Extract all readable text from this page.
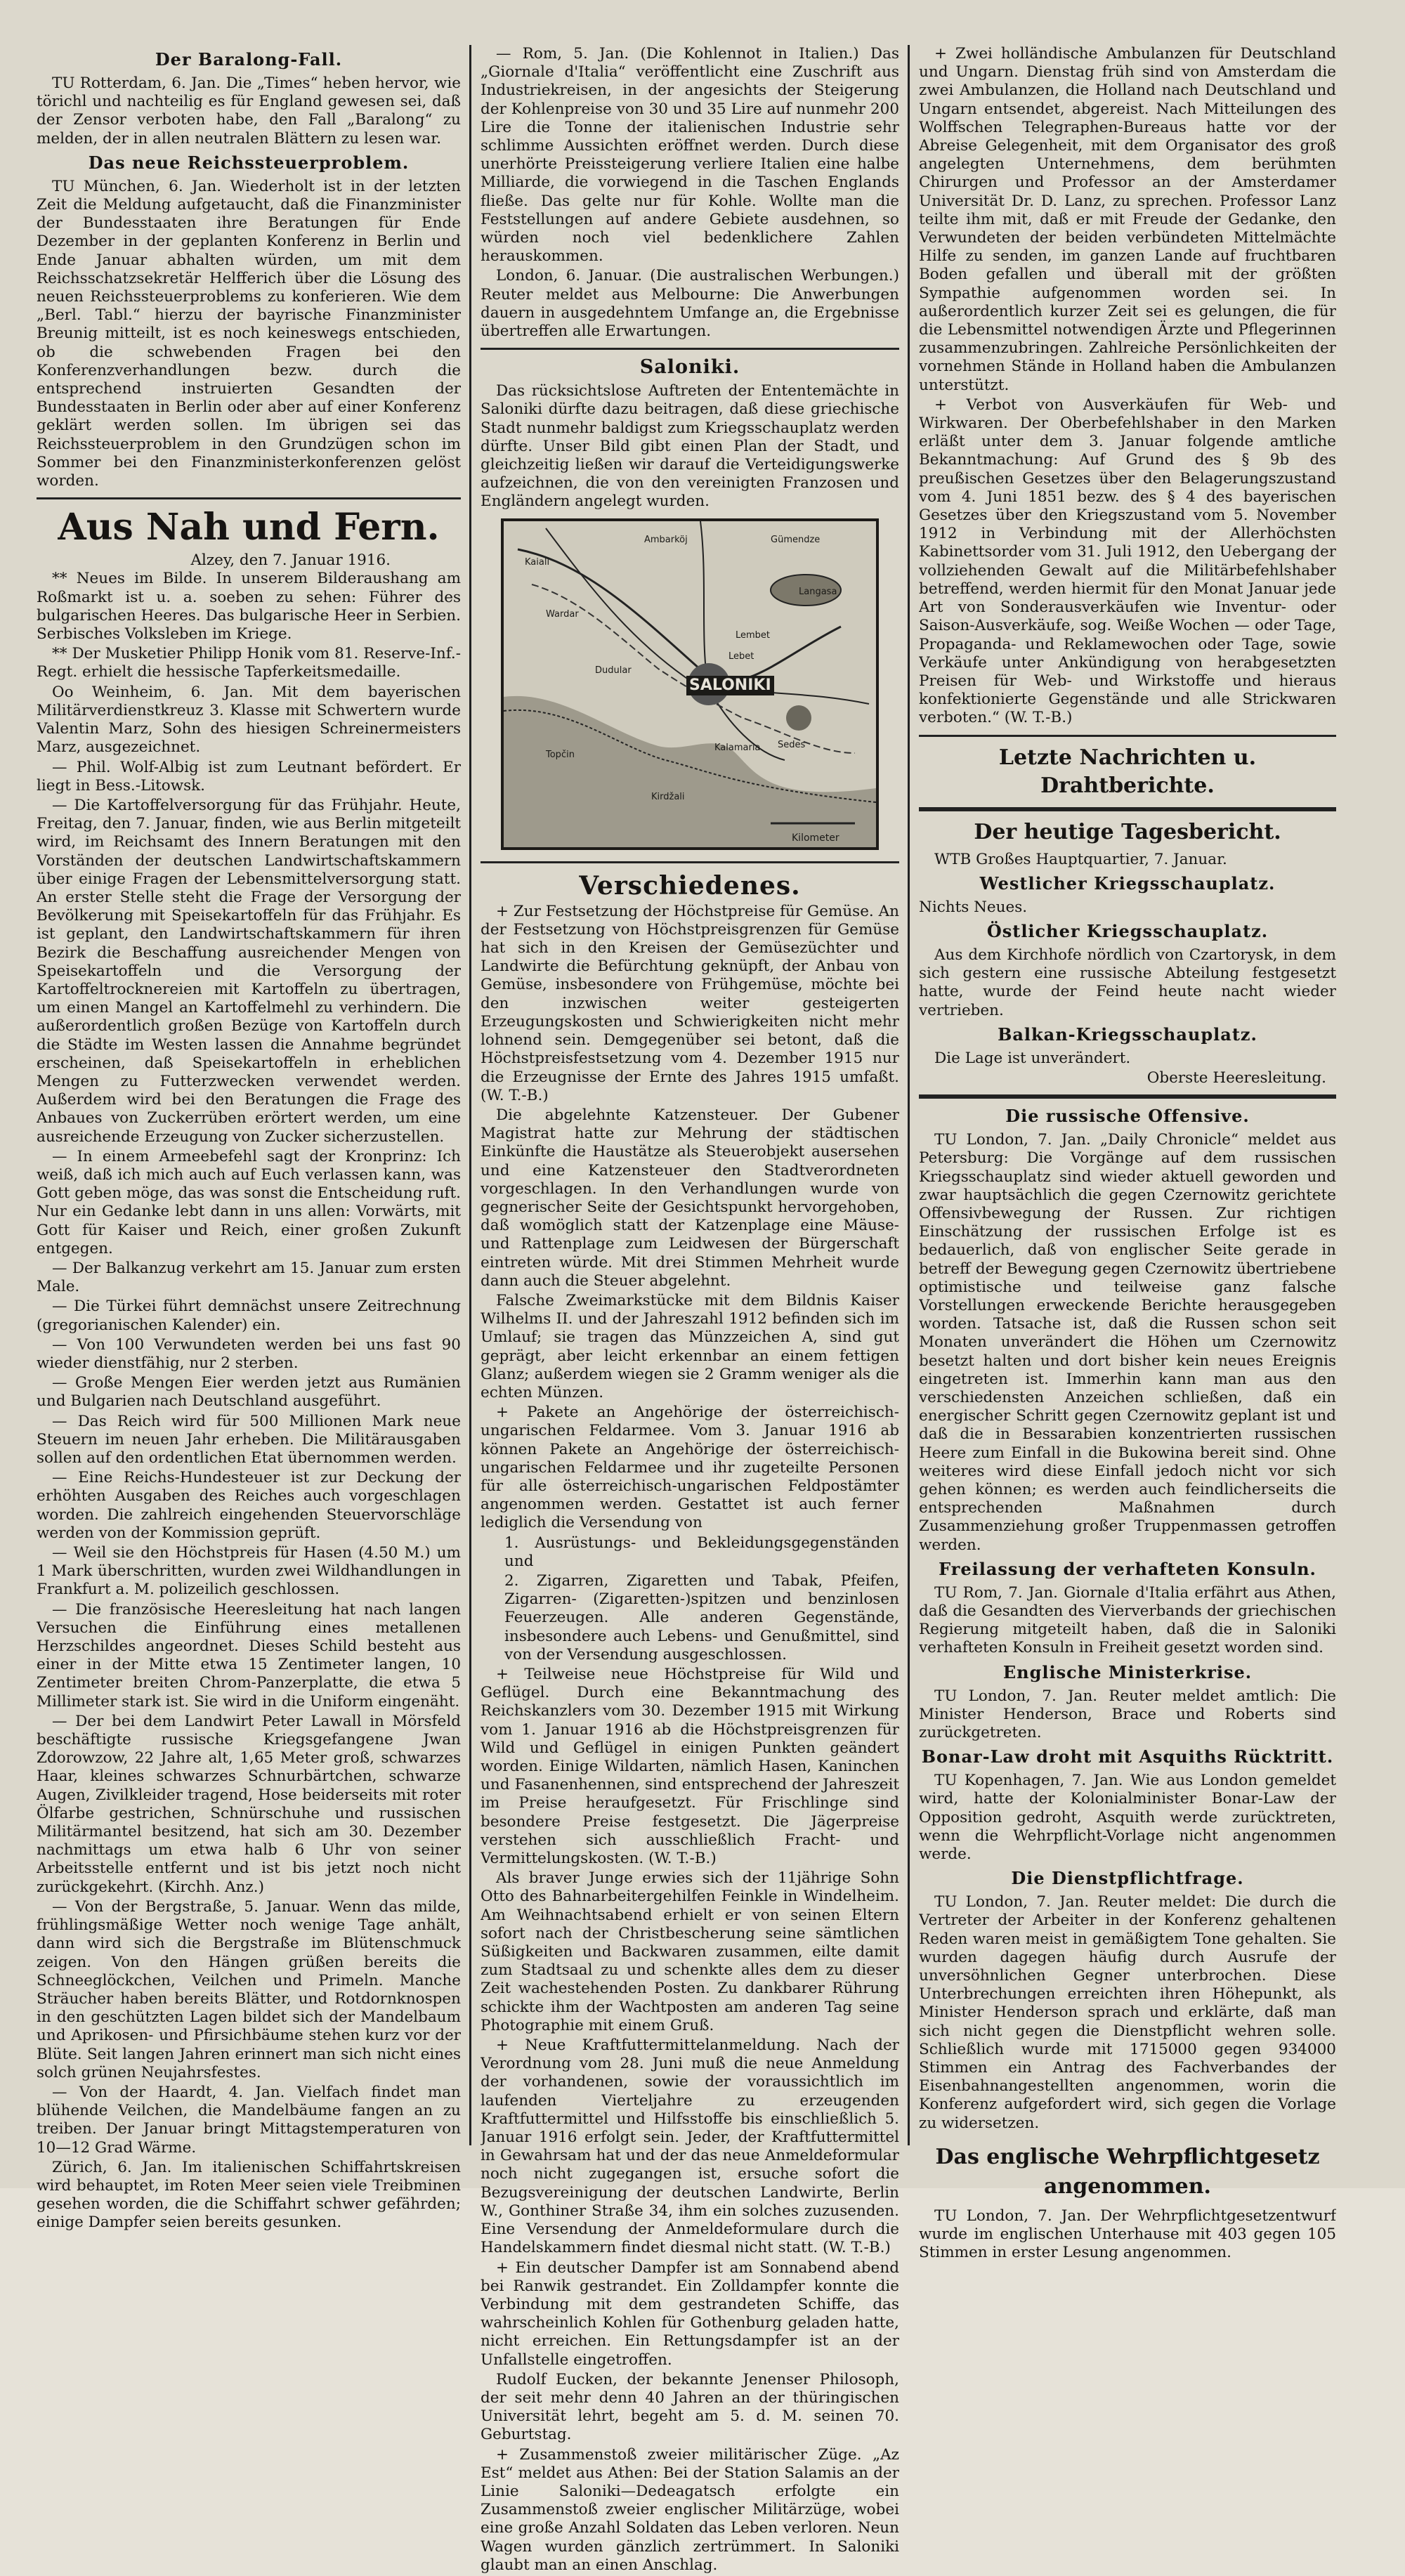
Der Baralong-Fall.

TU Rotterdam, 6. Jan. Die „Times“ heben hervor, wie törichl und nachteilig es für England gewesen sei, daß der Zensor verboten habe, den Fall „Baralong“ zu melden, der in allen neutralen Blättern zu lesen war.

Das neue Reichssteuerproblem.

TU München, 6. Jan. Wiederholt ist in der letzten Zeit die Meldung aufgetaucht, daß die Finanzminister der Bundesstaaten ihre Beratungen für Ende Dezember in der geplanten Konferenz in Berlin und Ende Januar abhalten würden, um mit dem Reichsschatzsekretär Helfferich über die Lösung des neuen Reichssteuerproblems zu konferieren. Wie dem „Berl. Tabl.“ hierzu der bayrische Finanzminister Breunig mitteilt, ist es noch keineswegs entschieden, ob die schwebenden Fragen bei den Konferenzverhandlungen bezw. durch die entsprechend instruierten Gesandten der Bundesstaaten in Berlin oder aber auf einer Konferenz geklärt werden sollen. Im übrigen sei das Reichssteuerproblem in den Grundzügen schon im Sommer bei den Finanzministerkonferenzen gelöst worden.

Aus Nah und Fern.
Alzey, den 7. Januar 1916.

** Neues im Bilde. In unserem Bilderaushang am Roßmarkt ist u. a. soeben zu sehen: Führer des bulgarischen Heeres. Das bulgarische Heer in Serbien. Serbisches Volksleben im Kriege.

** Der Musketier Philipp Honik vom 81. Reserve-Inf.-Regt. erhielt die hessische Tapferkeitsmedaille.

Oo Weinheim, 6. Jan. Mit dem bayerischen Militärverdienstkreuz 3. Klasse mit Schwertern wurde Valentin Marz, Sohn des hiesigen Schreinermeisters Marz, ausgezeichnet.

— Phil. Wolf-Albig ist zum Leutnant befördert. Er liegt in Bess.-Litowsk.

— Die Kartoffelversorgung für das Frühjahr. Heute, Freitag, den 7. Januar, finden, wie aus Berlin mitgeteilt wird, im Reichsamt des Innern Beratungen mit den Vorständen der deutschen Landwirtschaftskammern über einige Fragen der Lebensmittelversorgung statt. An erster Stelle steht die Frage der Versorgung der Bevölkerung mit Speisekartoffeln für das Frühjahr. Es ist geplant, den Landwirtschaftskammern für ihren Bezirk die Beschaffung ausreichender Mengen von Speisekartoffeln und die Versorgung der Kartoffeltrocknereien mit Kartoffeln zu übertragen, um einen Mangel an Kartoffelmehl zu verhindern. Die außerordentlich großen Bezüge von Kartoffeln durch die Städte im Westen lassen die Annahme begründet erscheinen, daß Speisekartoffeln in erheblichen Mengen zu Futterzwecken verwendet werden. Außerdem wird bei den Beratungen die Frage des Anbaues von Zuckerrüben erörtert werden, um eine ausreichende Erzeugung von Zucker sicherzustellen.

— In einem Armeebefehl sagt der Kronprinz: Ich weiß, daß ich mich auch auf Euch verlassen kann, was Gott geben möge, das was sonst die Entscheidung ruft. Nur ein Gedanke lebt dann in uns allen: Vorwärts, mit Gott für Kaiser und Reich, einer großen Zukunft entgegen.

— Der Balkanzug verkehrt am 15. Januar zum ersten Male.

— Die Türkei führt demnächst unsere Zeitrechnung (gregorianischen Kalender) ein.

— Von 100 Verwundeten werden bei uns fast 90 wieder dienstfähig, nur 2 sterben.

— Große Mengen Eier werden jetzt aus Rumänien und Bulgarien nach Deutschland ausgeführt.

— Das Reich wird für 500 Millionen Mark neue Steuern im neuen Jahr erheben. Die Militärausgaben sollen auf den ordentlichen Etat übernommen werden.

— Eine Reichs-Hundesteuer ist zur Deckung der erhöhten Ausgaben des Reiches auch vorgeschlagen worden. Die zahlreich eingehenden Steuervorschläge werden von der Kommission geprüft.

— Weil sie den Höchstpreis für Hasen (4.50 M.) um 1 Mark überschritten, wurden zwei Wildhandlungen in Frankfurt a. M. polizeilich geschlossen.

— Die französische Heeresleitung hat nach langen Versuchen die Einführung eines metallenen Herzschildes angeordnet. Dieses Schild besteht aus einer in der Mitte etwa 15 Zentimeter langen, 10 Zentimeter breiten Chrom-Panzerplatte, die etwa 5 Millimeter stark ist. Sie wird in die Uniform eingenäht.

— Der bei dem Landwirt Peter Lawall in Mörsfeld beschäftigte russische Kriegsgefangene Jwan Zdorowzow, 22 Jahre alt, 1,65 Meter groß, schwarzes Haar, kleines schwarzes Schnurbärtchen, schwarze Augen, Zivilkleider tragend, Hose beiderseits mit roter Ölfarbe gestrichen, Schnürschuhe und russischen Militärmantel besitzend, hat sich am 30. Dezember nachmittags um etwa halb 6 Uhr von seiner Arbeitsstelle entfernt und ist bis jetzt noch nicht zurückgekehrt. (Kirchh. Anz.)

— Von der Bergstraße, 5. Januar. Wenn das milde, frühlingsmäßige Wetter noch wenige Tage anhält, dann wird sich die Bergstraße im Blütenschmuck zeigen. Von den Hängen grüßen bereits die Schneeglöckchen, Veilchen und Primeln. Manche Sträucher haben bereits Blätter, und Rotdornknospen in den geschützten Lagen bildet sich der Mandelbaum und Aprikosen- und Pfirsichbäume stehen kurz vor der Blüte. Seit langen Jahren erinnert man sich nicht eines solch grünen Neujahrsfestes.

— Von der Haardt, 4. Jan. Vielfach findet man blühende Veilchen, die Mandelbäume fangen an zu treiben. Der Januar bringt Mittagstemperaturen von 10—12 Grad Wärme.

Zürich, 6. Jan. Im italienischen Schiffahrtskreisen wird behauptet, im Roten Meer seien viele Treibminen gesehen worden, die die Schiffahrt schwer gefährden; einige Dampfer seien bereits gesunken.

— Rom, 5. Jan. (Die Kohlennot in Italien.) Das „Giornale d'Italia“ veröffentlicht eine Zuschrift aus Industriekreisen, in der angesichts der Steigerung der Kohlenpreise von 30 und 35 Lire auf nunmehr 200 Lire die Tonne der italienischen Industrie sehr schlimme Aussichten eröffnet werden. Durch diese unerhörte Preissteigerung verliere Italien eine halbe Milliarde, die vorwiegend in die Taschen Englands fließe. Das gelte nur für Kohle. Wollte man die Feststellungen auf andere Gebiete ausdehnen, so würden noch viel bedenklichere Zahlen herauskommen.

London, 6. Januar. (Die australischen Werbungen.) Reuter meldet aus Melbourne: Die Anwerbungen dauern in ausgedehntem Umfange an, die Ergebnisse übertreffen alle Erwartungen.

Saloniki.

Das rücksichtslose Auftreten der Ententemächte in Saloniki dürfte dazu beitragen, daß diese griechische Stadt nunmehr baldigst zum Kriegsschauplatz werden dürfte. Unser Bild gibt einen Plan der Stadt, und gleichzeitig ließen wir darauf die Verteidigungswerke aufzeichnen, die von den vereinigten Franzosen und Engländern angelegt wurden.

Ambarköj	Gümendze
Langasa
Wardar
Kaiali
Lembet
Lebet
Dudular
Kalamaria Sedes
Topčin
Kirdžali
Kilometer
SALONIKI
Verschiedenes.

+ Zur Festsetzung der Höchstpreise für Gemüse. An der Festsetzung von Höchstpreisgrenzen für Gemüse hat sich in den Kreisen der Gemüsezüchter und Landwirte die Befürchtung geknüpft, der Anbau von Gemüse, insbesondere von Frühgemüse, möchte bei den inzwischen weiter gesteigerten Erzeugungskosten und Schwierigkeiten nicht mehr lohnend sein. Demgegenüber sei betont, daß die Höchstpreisfestsetzung vom 4. Dezember 1915 nur die Erzeugnisse der Ernte des Jahres 1915 umfaßt. (W. T.-B.)

Die abgelehnte Katzensteuer. Der Gubener Magistrat hatte zur Mehrung der städtischen Einkünfte die Haustätze als Steuerobjekt ausersehen und eine Katzensteuer den Stadtverordneten vorgeschlagen. In den Verhandlungen wurde von gegnerischer Seite der Gesichtspunkt hervorgehoben, daß womöglich statt der Katzenplage eine Mäuse- und Rattenplage zum Leidwesen der Bürgerschaft eintreten würde. Mit drei Stimmen Mehrheit wurde dann auch die Steuer abgelehnt.

Falsche Zweimarkstücke mit dem Bildnis Kaiser Wilhelms II. und der Jahreszahl 1912 befinden sich im Umlauf; sie tragen das Münzzeichen A, sind gut geprägt, aber leicht erkennbar an einem fettigen Glanz; außerdem wiegen sie 2 Gramm weniger als die echten Münzen.

+ Pakete an Angehörige der österreichisch-ungarischen Feldarmee. Vom 3. Januar 1916 ab können Pakete an Angehörige der österreichisch-ungarischen Feldarmee und ihr zugeteilte Personen für alle österreichisch-ungarischen Feldpostämter angenommen werden. Gestattet ist auch ferner lediglich die Versendung von

1. Ausrüstungs- und Bekleidungsgegenständen und

2. Zigarren, Zigaretten und Tabak, Pfeifen, Zigarren- (Zigaretten-)spitzen und benzinlosen Feuerzeugen. Alle anderen Gegenstände, insbesondere auch Lebens- und Genußmittel, sind von der Versendung ausgeschlossen.

+ Teilweise neue Höchstpreise für Wild und Geflügel. Durch eine Bekanntmachung des Reichskanzlers vom 30. Dezember 1915 mit Wirkung vom 1. Januar 1916 ab die Höchstpreisgrenzen für Wild und Geflügel in einigen Punkten geändert worden. Einige Wildarten, nämlich Hasen, Kaninchen und Fasanenhennen, sind entsprechend der Jahreszeit im Preise heraufgesetzt. Für Frischlinge sind besondere Preise festgesetzt. Die Jägerpreise verstehen sich ausschließlich Fracht- und Vermittelungskosten. (W. T.-B.)

Als braver Junge erwies sich der 11jährige Sohn Otto des Bahnarbeitergehilfen Feinkle in Windelheim. Am Weihnachtsabend erhielt er von seinen Eltern sofort nach der Christbescherung seine sämtlichen Süßigkeiten und Backwaren zusammen, eilte damit zum Stadtsaal zu und schenkte alles dem zu dieser Zeit wachestehenden Posten. Zu dankbarer Rührung schickte ihm der Wachtposten am anderen Tag seine Photographie mit einem Gruß.

+ Neue Kraftfuttermittelanmeldung. Nach der Verordnung vom 28. Juni muß die neue Anmeldung der vorhandenen, sowie der voraussichtlich im laufenden Vierteljahre zu erzeugenden Kraftfuttermittel und Hilfsstoffe bis einschließlich 5. Januar 1916 erfolgt sein. Jeder, der Kraftfuttermittel in Gewahrsam hat und der das neue Anmeldeformular noch nicht zugegangen ist, ersuche sofort die Bezugsvereinigung der deutschen Landwirte, Berlin W., Gonthiner Straße 34, ihm ein solches zuzusenden. Eine Versendung der Anmeldeformulare durch die Handelskammern findet diesmal nicht statt. (W. T.-B.)

+ Ein deutscher Dampfer ist am Sonnabend abend bei Ranwik gestrandet. Ein Zolldampfer konnte die Verbindung mit dem gestrandeten Schiffe, das wahrscheinlich Kohlen für Gothenburg geladen hatte, nicht erreichen. Ein Rettungsdampfer ist an der Unfallstelle eingetroffen.

Rudolf Eucken, der bekannte Jenenser Philosoph, der seit mehr denn 40 Jahren an der thüringischen Universität lehrt, begeht am 5. d. M. seinen 70. Geburtstag.

+ Zusammenstoß zweier militärischer Züge. „Az Est“ meldet aus Athen: Bei der Station Salamis an der Linie Saloniki—Dedeagatsch erfolgte ein Zusammenstoß zweier englischer Militärzüge, wobei eine große Anzahl Soldaten das Leben verloren. Neun Wagen wurden gänzlich zertrümmert. In Saloniki glaubt man an einen Anschlag.

+ Zwei holländische Ambulanzen für Deutschland und Ungarn. Dienstag früh sind von Amsterdam die zwei Ambulanzen, die Holland nach Deutschland und Ungarn entsendet, abgereist. Nach Mitteilungen des Wolffschen Telegraphen-Bureaus hatte vor der Abreise Gelegenheit, mit dem Organisator des groß angelegten Unternehmens, dem berühmten Chirurgen und Professor an der Amsterdamer Universität Dr. D. Lanz, zu sprechen. Professor Lanz teilte ihm mit, daß er mit Freude der Gedanke, den Verwundeten der beiden verbündeten Mittelmächte Hilfe zu senden, im ganzen Lande auf fruchtbaren Boden gefallen und überall mit der größten Sympathie aufgenommen worden sei. In außerordentlich kurzer Zeit sei es gelungen, die für die Lebensmittel notwendigen Ärzte und Pflegerinnen zusammenzubringen. Zahlreiche Persönlichkeiten der vornehmen Stände in Holland haben die Ambulanzen unterstützt.

+ Verbot von Ausverkäufen für Web- und Wirkwaren. Der Oberbefehlshaber in den Marken erläßt unter dem 3. Januar folgende amtliche Bekanntmachung: Auf Grund des § 9b des preußischen Gesetzes über den Belagerungszustand vom 4. Juni 1851 bezw. des § 4 des bayerischen Gesetzes über den Kriegszustand vom 5. November 1912 in Verbindung mit der Allerhöchsten Kabinettsorder vom 31. Juli 1912, den Uebergang der vollziehenden Gewalt auf die Militärbefehlshaber betreffend, werden hiermit für den Monat Januar jede Art von Sonderausverkäufen wie Inventur- oder Saison-Ausverkäufe, sog. Weiße Wochen — oder Tage, Propaganda- und Reklamewochen oder Tage, sowie Verkäufe unter Ankündigung von herabgesetzten Preisen für Web- und Wirkstoffe und hieraus konfektionierte Gegenstände und alle Strickwaren verboten.“ (W. T.-B.)

Letzte Nachrichten u. Drahtberichte.
Der heutige Tagesbericht.

WTB Großes Hauptquartier, 7. Januar.

Westlicher Kriegsschauplatz.

Nichts Neues.

Östlicher Kriegsschauplatz.

Aus dem Kirchhofe nördlich von Czartorysk, in dem sich gestern eine russische Abteilung festgesetzt hatte, wurde der Feind heute nacht wieder vertrieben.

Balkan-Kriegsschauplatz.

Die Lage ist unverändert.

Oberste Heeresleitung.
Die russische Offensive.

TU London, 7. Jan. „Daily Chronicle“ meldet aus Petersburg: Die Vorgänge auf dem russischen Kriegsschauplatz sind wieder aktuell geworden und zwar hauptsächlich die gegen Czernowitz gerichtete Offensivbewegung der Russen. Zur richtigen Einschätzung der russischen Erfolge ist es bedauerlich, daß von englischer Seite gerade in betreff der Bewegung gegen Czernowitz übertriebene optimistische und teilweise ganz falsche Vorstellungen erweckende Berichte herausgegeben worden. Tatsache ist, daß die Russen schon seit Monaten unverändert die Höhen um Czernowitz besetzt halten und dort bisher kein neues Ereignis eingetreten ist. Immerhin kann man aus den verschiedensten Anzeichen schließen, daß ein energischer Schritt gegen Czernowitz geplant ist und daß die in Bessarabien konzentrierten russischen Heere zum Einfall in die Bukowina bereit sind. Ohne weiteres wird diese Einfall jedoch nicht vor sich gehen können; es werden auch feindlicherseits die entsprechenden Maßnahmen durch Zusammenziehung großer Truppenmassen getroffen werden.

Freilassung der verhafteten Konsuln.

TU Rom, 7. Jan. Giornale d'Italia erfährt aus Athen, daß die Gesandten des Vierverbands der griechischen Regierung mitgeteilt haben, daß die in Saloniki verhafteten Konsuln in Freiheit gesetzt worden sind.

Englische Ministerkrise.

TU London, 7. Jan. Reuter meldet amtlich: Die Minister Henderson, Brace und Roberts sind zurückgetreten.

Bonar-Law droht mit Asquiths Rücktritt.

TU Kopenhagen, 7. Jan. Wie aus London gemeldet wird, hatte der Kolonialminister Bonar-Law der Opposition gedroht, Asquith werde zurücktreten, wenn die Wehrpflicht-Vorlage nicht angenommen werde.

Die Dienstpflichtfrage.

TU London, 7. Jan. Reuter meldet: Die durch die Vertreter der Arbeiter in der Konferenz gehaltenen Reden waren meist in gemäßigtem Tone gehalten. Sie wurden dagegen häufig durch Ausrufe der unversöhnlichen Gegner unterbrochen. Diese Unterbrechungen erreichten ihren Höhepunkt, als Minister Henderson sprach und erklärte, daß man sich nicht gegen die Dienstpflicht wehren solle. Schließlich wurde mit 1715000 gegen 934000 Stimmen ein Antrag des Fachverbandes der Eisenbahnangestellten angenommen, worin die Konferenz aufgefordert wird, sich gegen die Vorlage zu widersetzen.

Das englische Wehrpflichtgesetz angenommen.

TU London, 7. Jan. Der Wehrpflichtgesetzentwurf wurde im englischen Unterhause mit 403 gegen 105 Stimmen in erster Lesung angenommen.
